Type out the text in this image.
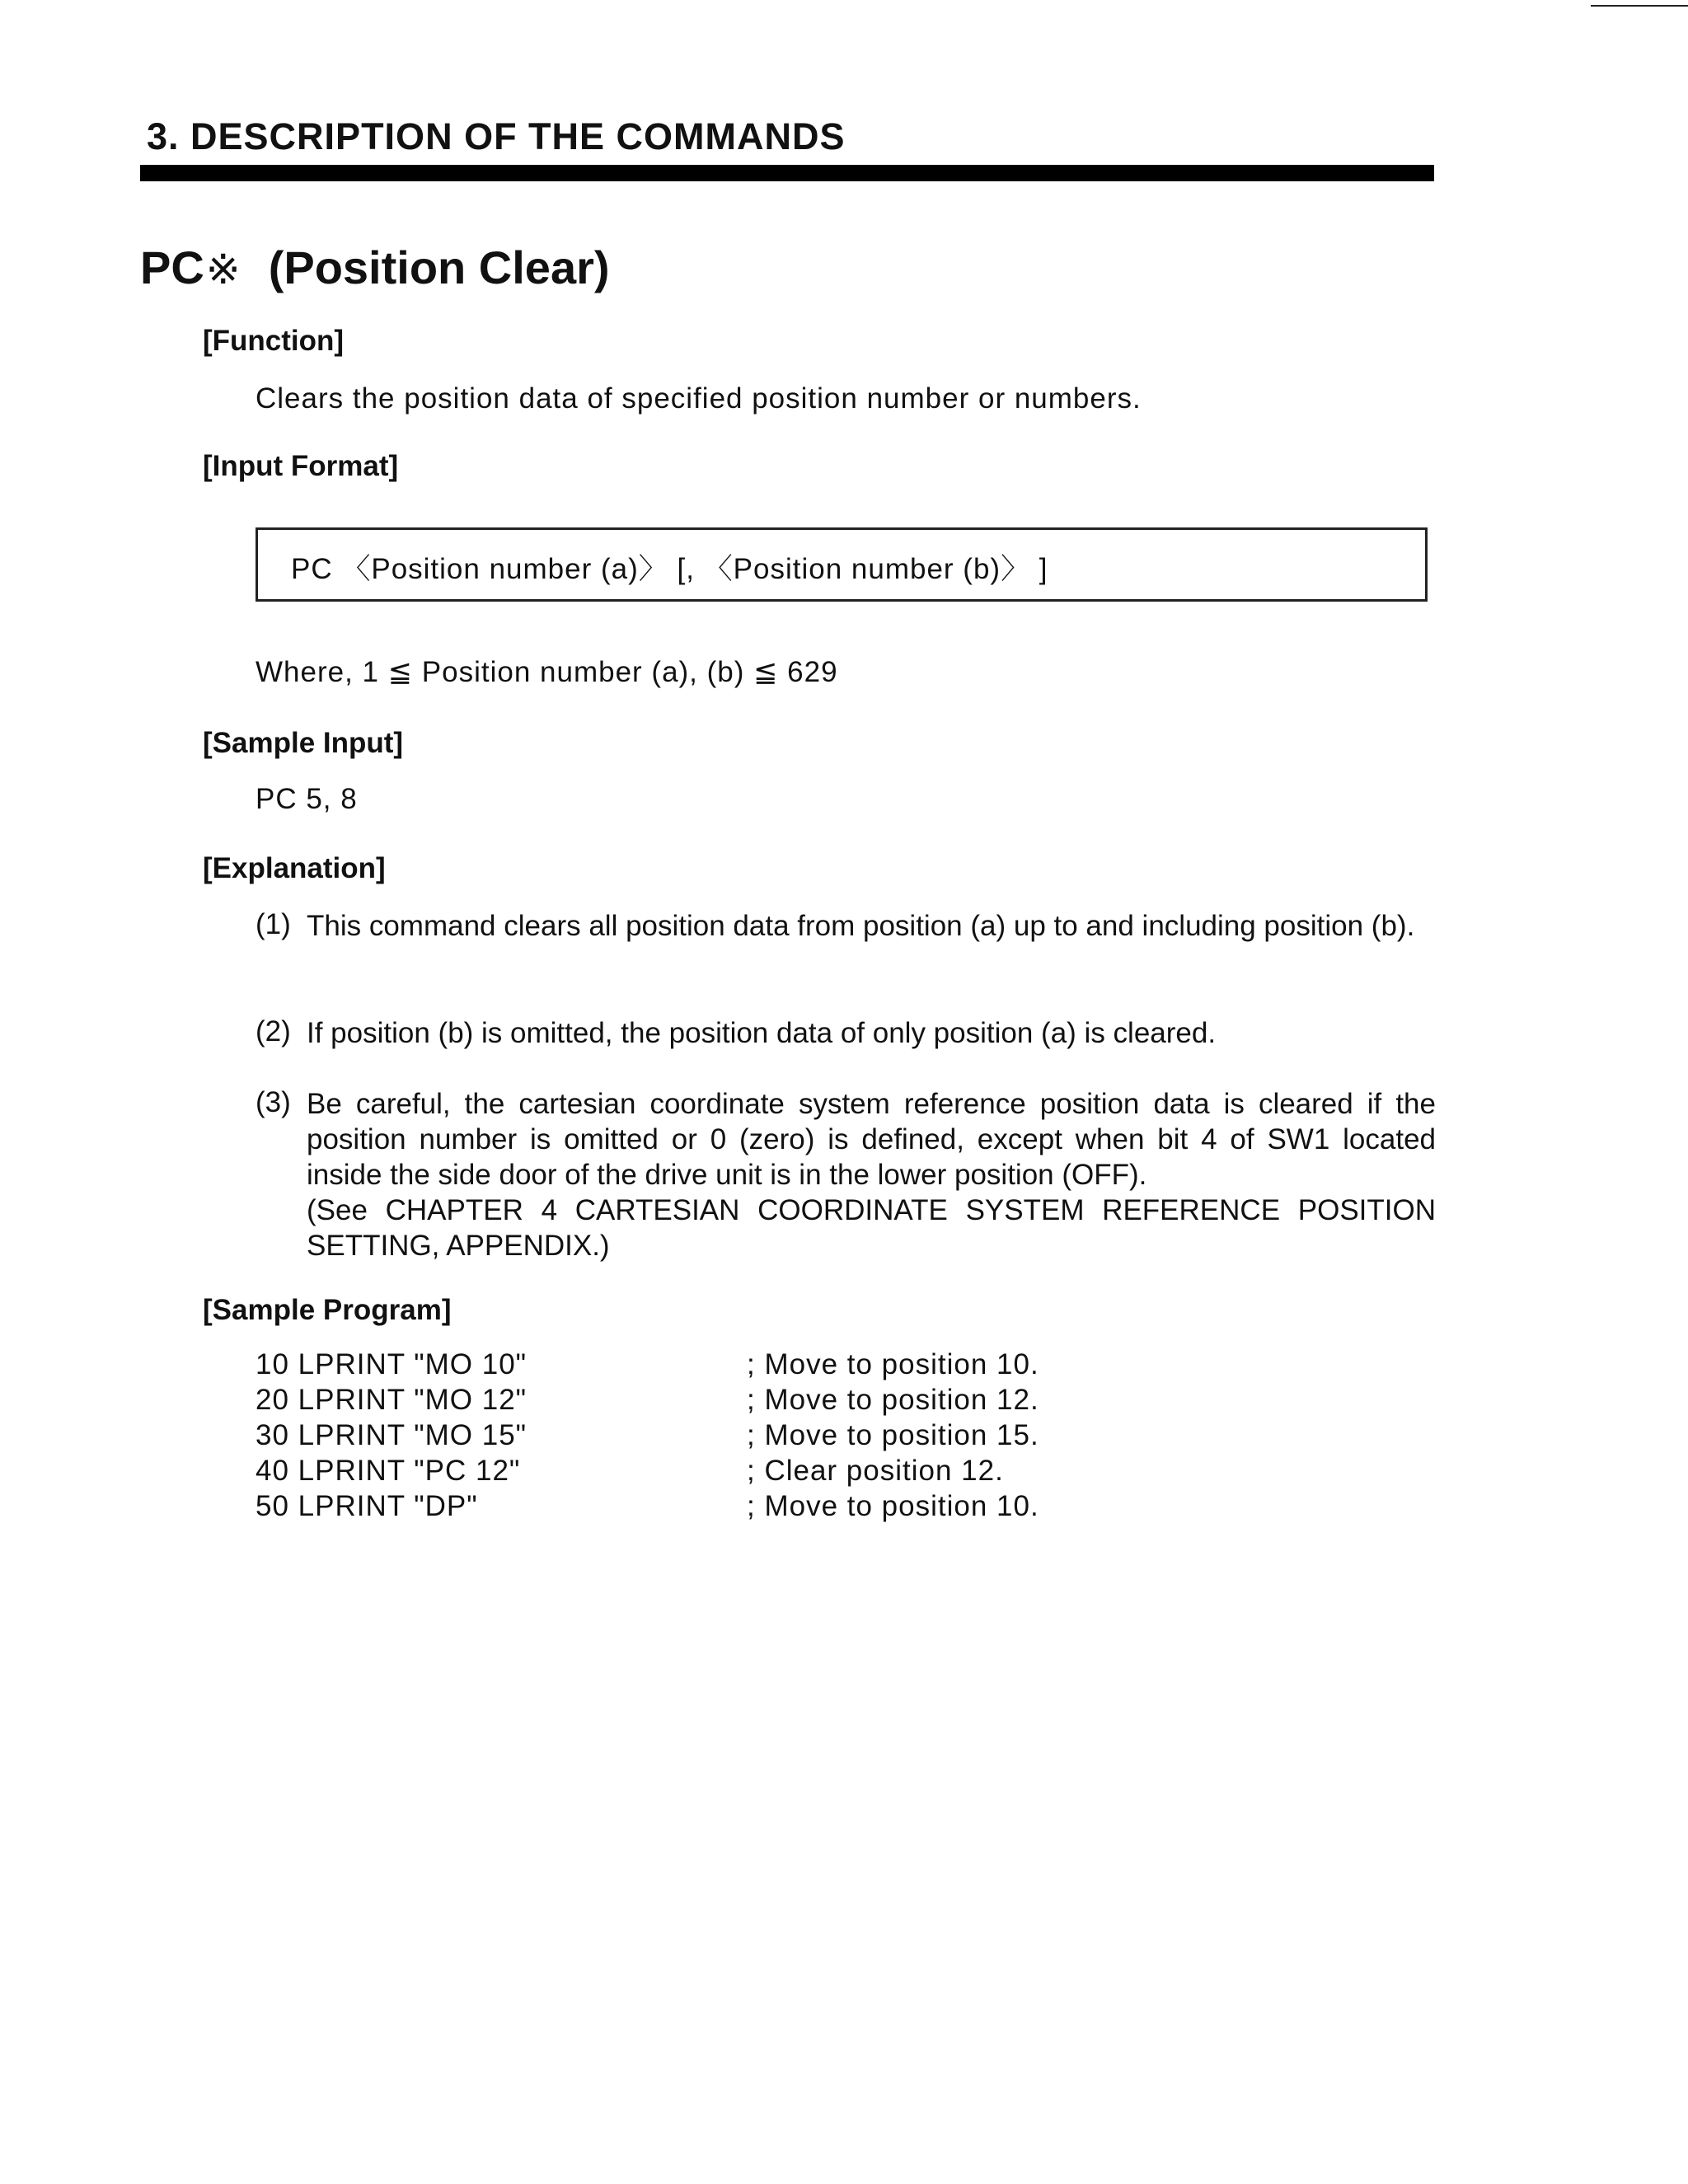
3. DESCRIPTION OF THE COMMANDS
PC※ (Position Clear)

[Function]

Clears the position data of specified position number or numbers.

[Input Format]

PC 〈Position number (a)〉 [, 〈Position number (b)〉 ]

Where, 1 ≦ Position number (a), (b) ≦ 629

[Sample Input]

PC 5, 8

[Explanation]

(1) This command clears all position data from position (a) up to and including position (b).
(2) If position (b) is omitted, the position data of only position (a) is cleared.
(3) Be careful, the cartesian coordinate system reference position data is cleared if the position number is omitted or 0 (zero) is defined, except when bit 4 of SW1 located inside the side door of the drive unit is in the lower position (OFF).
(See CHAPTER 4 CARTESIAN COORDINATE SYSTEM REFERENCE POSITION SETTING, APPENDIX.)

[Sample Program]

10 LPRINT "MO 10"	; Move to position 10.
20 LPRINT "MO 12"	; Move to position 12.
30 LPRINT "MO 15"	; Move to position 15.
40 LPRINT "PC 12"	; Clear position 12.
50 LPRINT "DP"	; Move to position 10.
